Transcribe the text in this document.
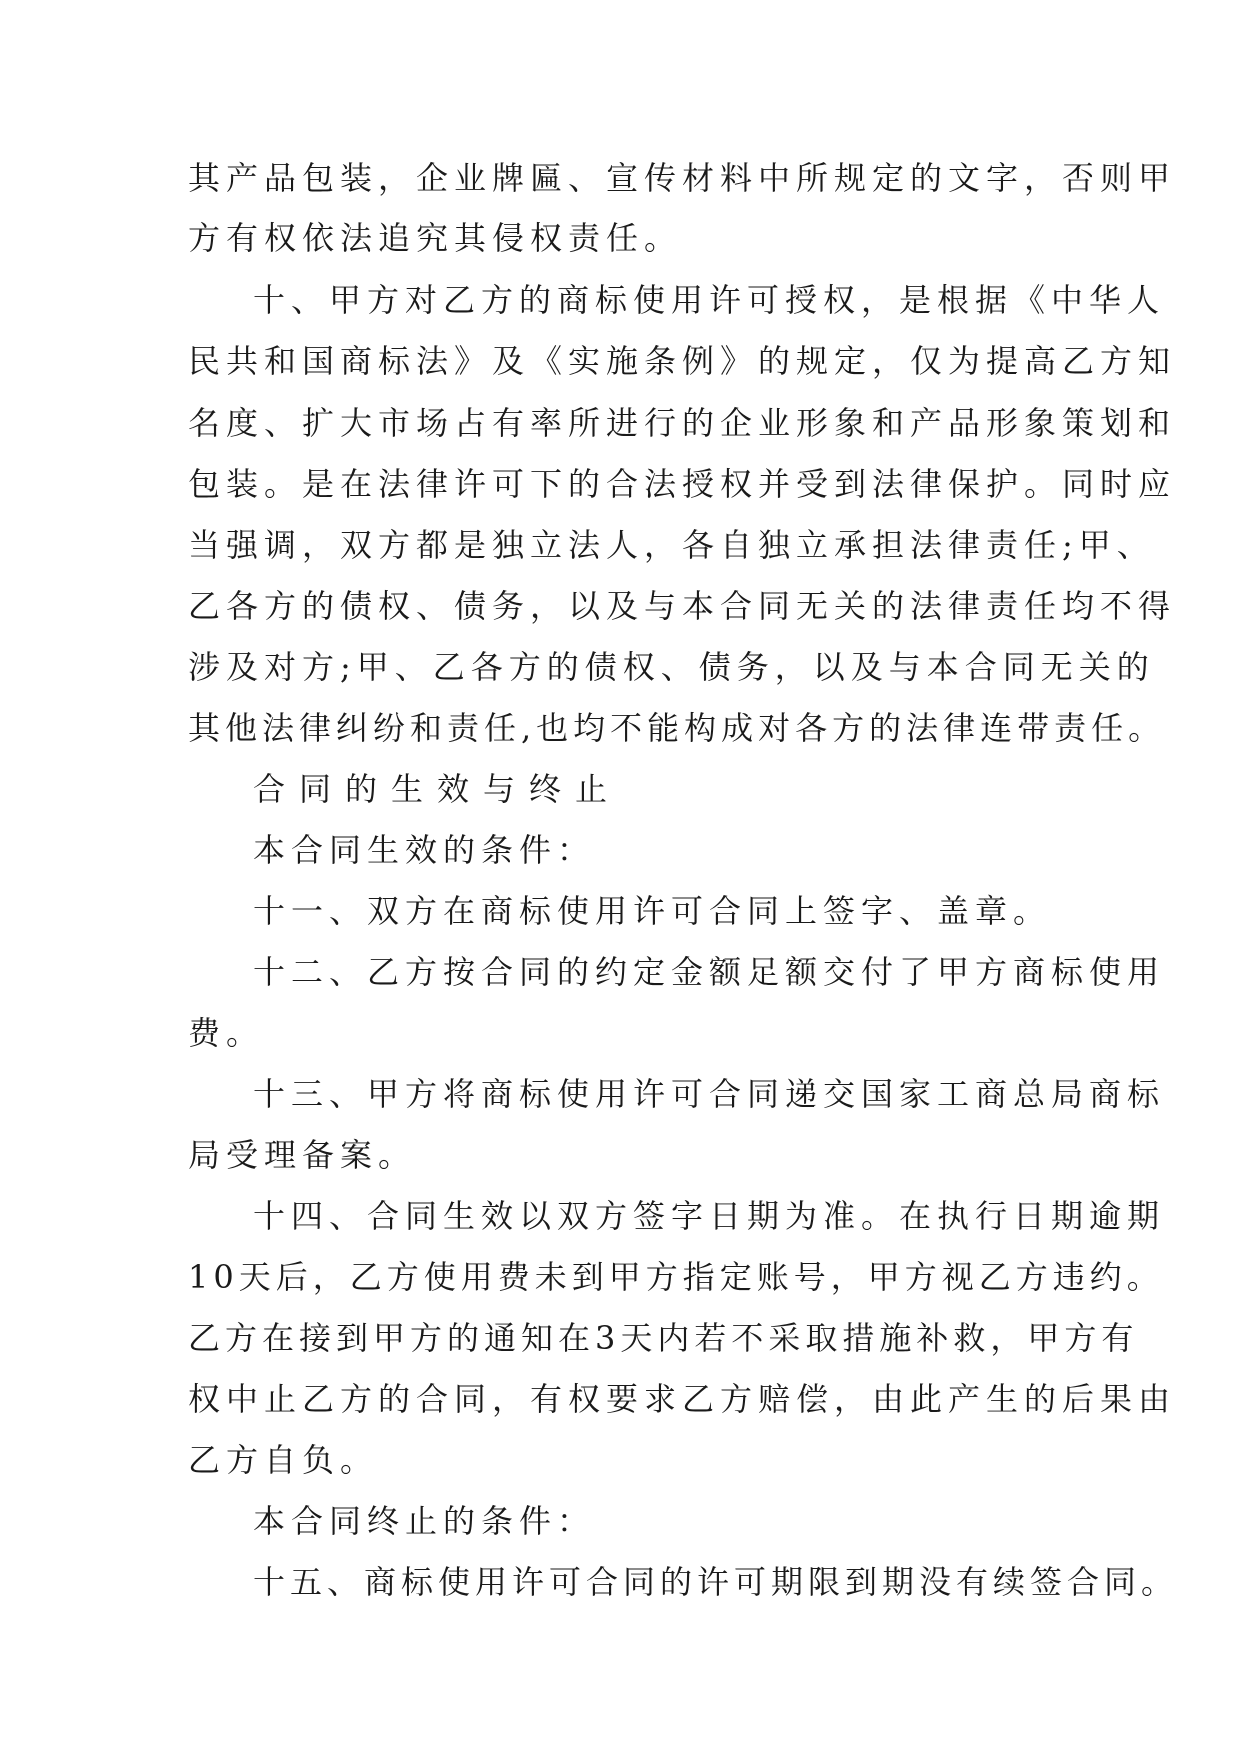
其产品包装，企业牌匾、宣传材料中所规定的文字，否则甲

方有权依法追究其侵权责任。

十、甲方对乙方的商标使用许可授权，是根据《中华人

民共和国商标法》及《实施条例》的规定，仅为提高乙方知

名度、扩大市场占有率所进行的企业形象和产品形象策划和

包装。是在法律许可下的合法授权并受到法律保护。同时应

当强调，双方都是独立法人，各自独立承担法律责任;甲、

乙各方的债权、债务，以及与本合同无关的法律责任均不得

涉及对方;甲、乙各方的债权、债务，以及与本合同无关的

其他法律纠纷和责任,也均不能构成对各方的法律连带责任。

合同的生效与终止

本合同生效的条件：

十一、双方在商标使用许可合同上签字、盖章。

十二、乙方按合同的约定金额足额交付了甲方商标使用

费。

十三、甲方将商标使用许可合同递交国家工商总局商标

局受理备案。

十四、合同生效以双方签字日期为准。在执行日期逾期

10天后，乙方使用费未到甲方指定账号，甲方视乙方违约。

乙方在接到甲方的通知在3天内若不采取措施补救，甲方有

权中止乙方的合同，有权要求乙方赔偿，由此产生的后果由

乙方自负。

本合同终止的条件：

十五、商标使用许可合同的许可期限到期没有续签合同。
